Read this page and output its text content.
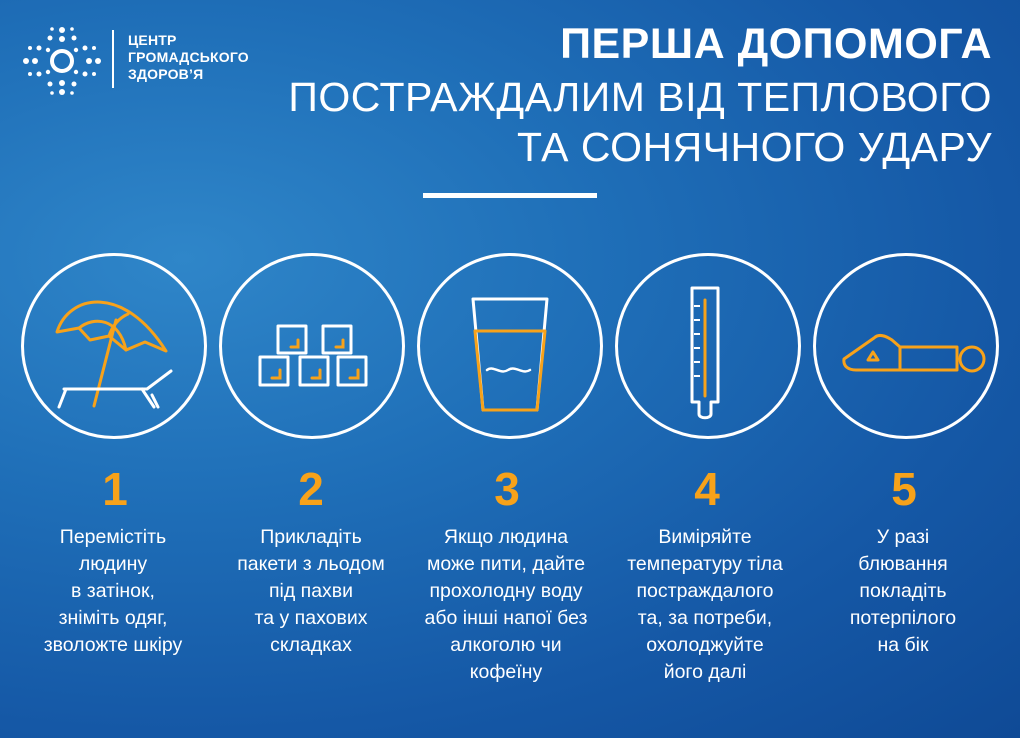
ЦЕНТР
ГРОМАДСЬКОГО
ЗДОРОВ’Я
ПЕРША ДОПОМОГА
ПОСТРАЖДАЛИМ ВІД ТЕПЛОВОГО
ТА СОНЯЧНОГО УДАРУ
1
Перемістіть
людину
в затінок,
зніміть одяг,
зволожте шкіру
2
Прикладіть
пакети з льодом
під пахви
та у пахових
складках
3
Якщо людина
може пити, дайте
прохолодну воду
або інші напої без
алкоголю чи
кофеїну
4
Виміряйте
температуру тіла
постраждалого
та, за потреби,
охолоджуйте
його далі
5
У разі
блювання
покладіть
потерпілого
на бік
